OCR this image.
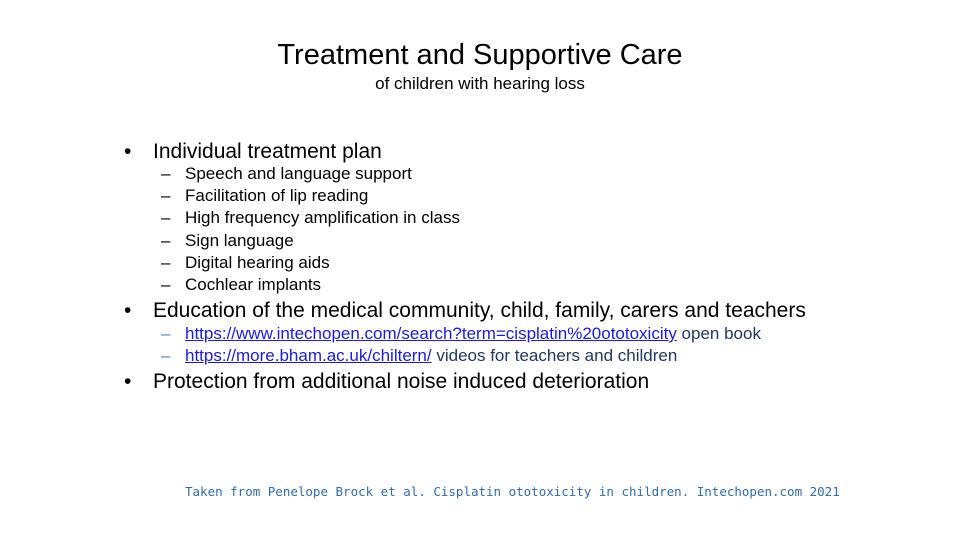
Treatment and Supportive Care
of children with hearing loss
• Individual treatment plan
– Speech and language support
– Facilitation of lip reading
– High frequency amplification in class
– Sign language
– Digital hearing aids
– Cochlear implants
• Education of the medical community, child, family, carers and teachers
– https://www.intechopen.com/search?term=cisplatin%20ototoxicity open book
– https://more.bham.ac.uk/chiltern/ videos for teachers and children
• Protection from additional noise induced deterioration
Taken from Penelope Brock et al. Cisplatin ototoxicity in children. Intechopen.com 2021
